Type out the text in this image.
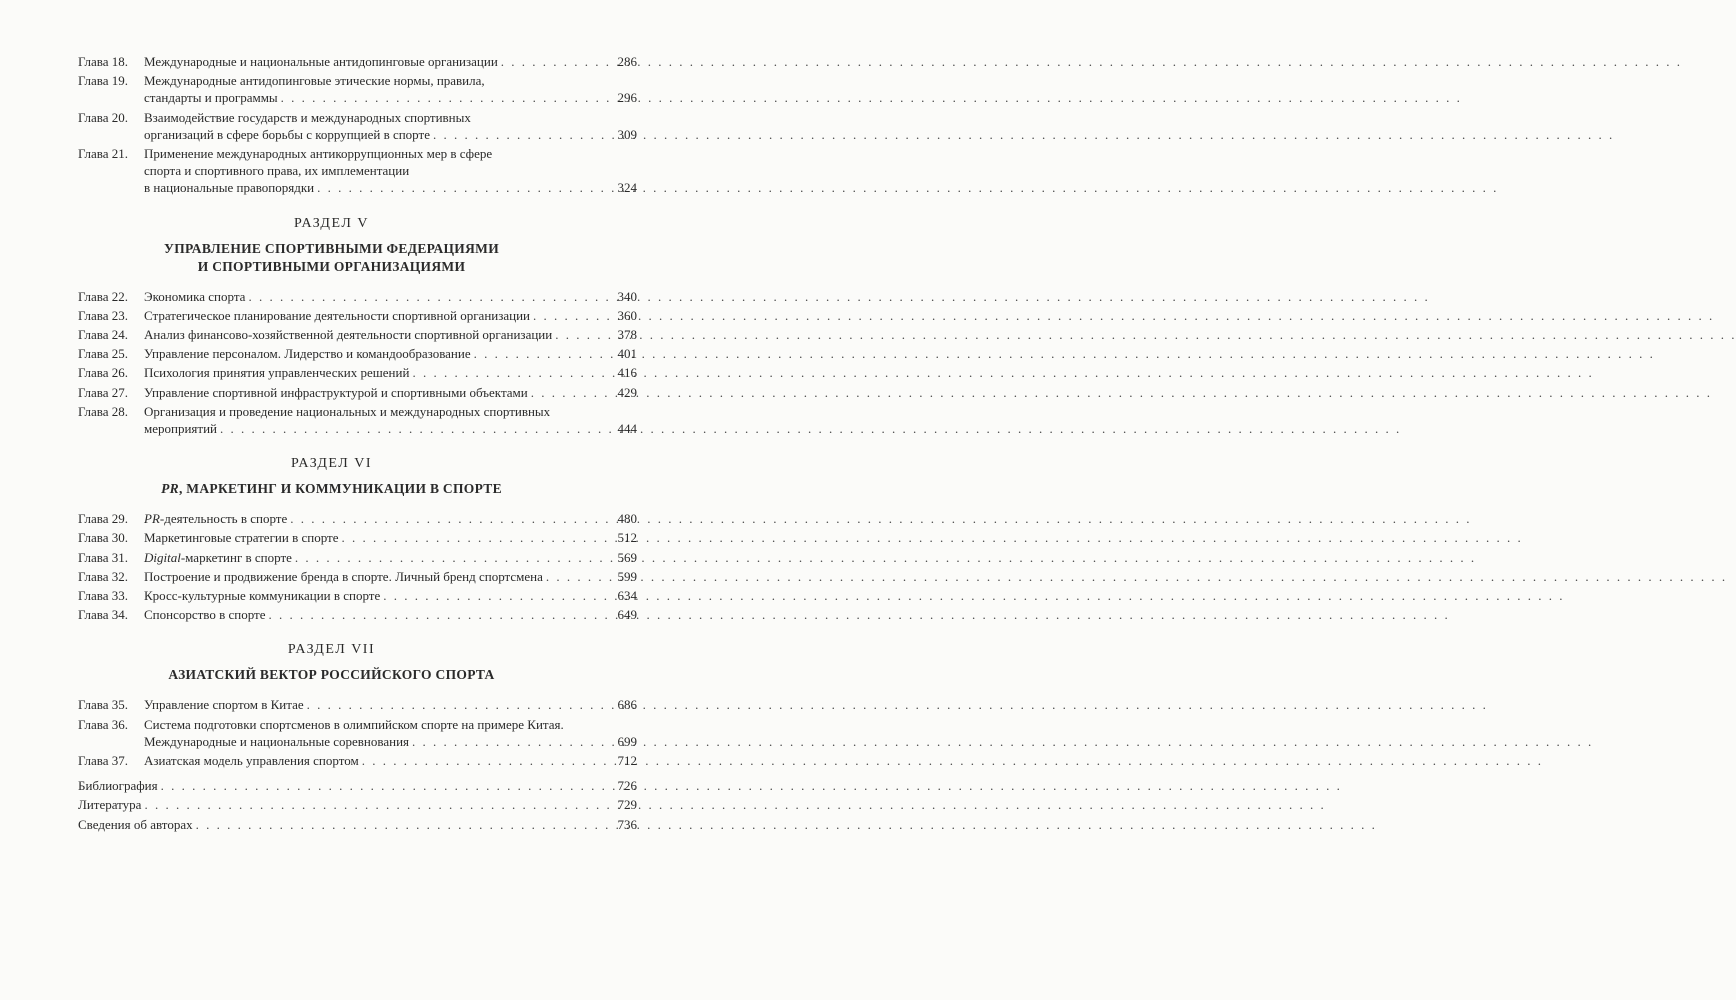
Глава 18.	Международные и национальные антидопинговые организации . . .	286
Глава 19.	Международные антидопинговые этические нормы, правила,
стандарты и программы . . .	296
Глава 20.	Взаимодействие государств и международных спортивных
организаций в сфере борьбы с коррупцией в спорте . . .	309
Глава 21.	Применение международных антикоррупционных мер в сфере
спорта и спортивного права, их имплементации
в национальные правопорядки . . .	324
РАЗДЕЛ V
УПРАВЛЕНИЕ СПОРТИВНЫМИ ФЕДЕРАЦИЯМИ
И СПОРТИВНЫМИ ОРГАНИЗАЦИЯМИ
Глава 22.	Экономика спорта . . .	340
Глава 23.	Стратегическое планирование деятельности спортивной организации . . .	360
Глава 24.	Анализ финансово-хозяйственной деятельности спортивной организации . . .	378
Глава 25.	Управление персоналом. Лидерство и командообразование . . .	401
Глава 26.	Психология принятия управленческих решений . . .	416
Глава 27.	Управление спортивной инфраструктурой и спортивными объектами . . .	429
Глава 28.	Организация и проведение национальных и международных спортивных
мероприятий . . .	444
РАЗДЕЛ VI
PR, МАРКЕТИНГ И КОММУНИКАЦИИ В СПОРТЕ
Глава 29.	PR-деятельность в спорте . . .	480
Глава 30.	Маркетинговые стратегии в спорте . . .	512
Глава 31.	Digital-маркетинг в спорте . . .	569
Глава 32.	Построение и продвижение бренда в спорте. Личный бренд спортсмена . . .	599
Глава 33.	Кросс-культурные коммуникации в спорте . . .	634
Глава 34.	Спонсорство в спорте . . .	649
РАЗДЕЛ VII
АЗИАТСКИЙ ВЕКТОР РОССИЙСКОГО СПОРТА
Глава 35.	Управление спортом в Китае . . .	686
Глава 36.	Система подготовки спортсменов в олимпийском спорте на примере Китая.
Международные и национальные соревнования . . .	699
Глава 37.	Азиатская модель управления спортом . . .	712
Библиография . . .	726
Литература . . .	729
Сведения об авторах . . .	736
